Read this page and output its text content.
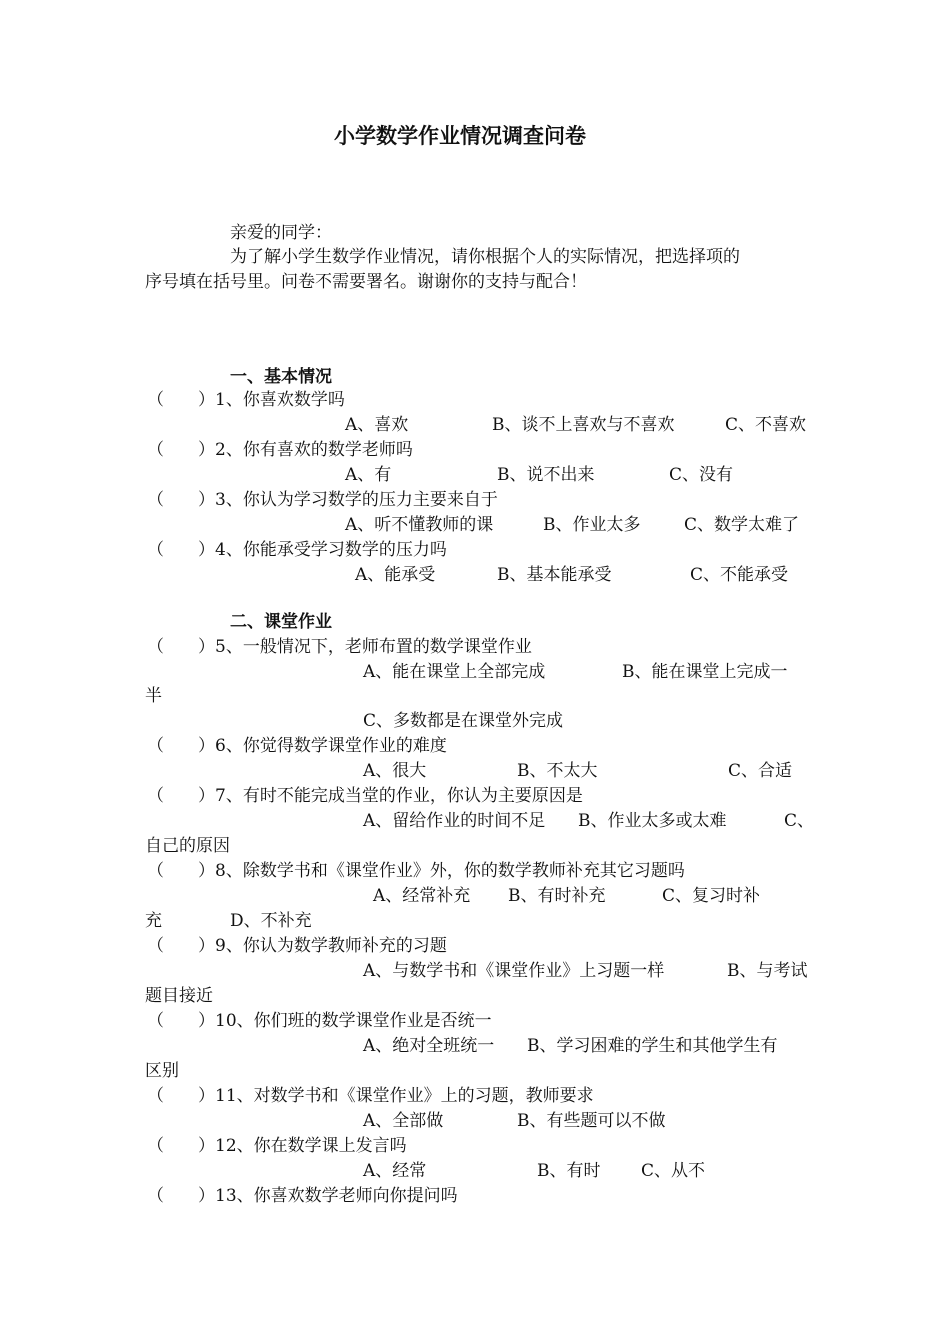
小学数学作业情况调查问卷
亲爱的同学：
为了解小学生数学作业情况，请你根据个人的实际情况，把选择项的
序号填在括号里。问卷不需要署名。谢谢你的支持与配合！
一、基本情况
（　　）1、你喜欢数学吗
A、喜欢	B、谈不上喜欢与不喜欢	C、不喜欢
（　　）2、你有喜欢的数学老师吗
A、有	B、说不出来	C、没有
（　　）3、你认为学习数学的压力主要来自于
A、听不懂教师的课	B、作业太多	C、数学太难了
（　　）4、你能承受学习数学的压力吗
A、能承受	B、基本能承受	C、不能承受
二、课堂作业
（　　）5、一般情况下，老师布置的数学课堂作业
A、能在课堂上全部完成	B、能在课堂上完成一
半
C、多数都是在课堂外完成
（　　）6、你觉得数学课堂作业的难度
A、很大	B、不太大	C、合适
（　　）7、有时不能完成当堂的作业，你认为主要原因是
A、留给作业的时间不足 B、作业太多或太难	C、
自己的原因
（　　）8、除数学书和《课堂作业》外，你的数学教师补充其它习题吗
A、经常补充 B、有时补充	C、复习时补
充	D、不补充
（　　）9、你认为数学教师补充的习题
A、与数学书和《课堂作业》上习题一样	B、与考试
题目接近
（　　）10、你们班的数学课堂作业是否统一
A、绝对全班统一 B、学习困难的学生和其他学生有
区别
（　　）11、对数学书和《课堂作业》上的习题，教师要求
A、全部做	B、有些题可以不做
（　　）12、你在数学课上发言吗
A、经常	B、有时 C、从不
（　　）13、你喜欢数学老师向你提问吗
